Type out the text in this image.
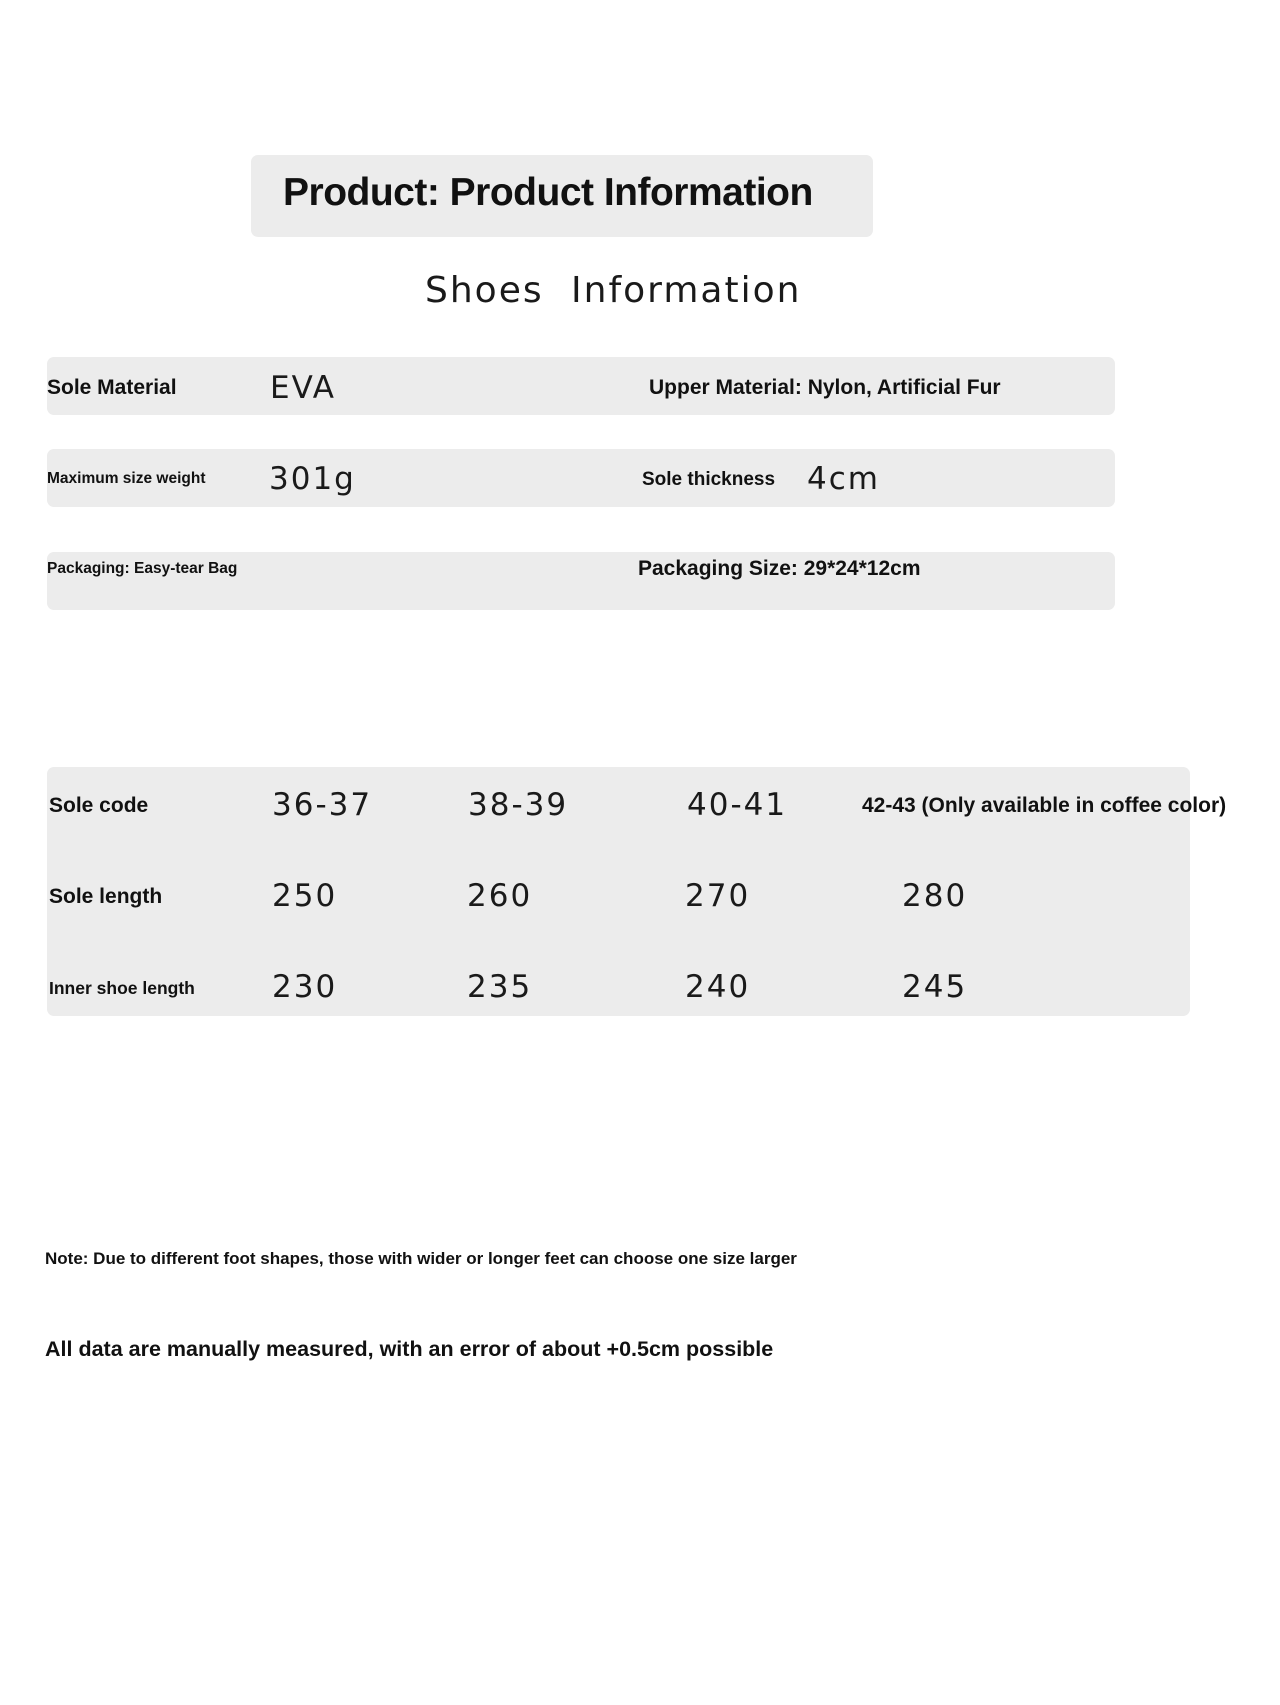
Product: Product Information
Shoes Information
Sole Material	EVA	Upper Material: Nylon, Artificial Fur
Maximum size weight 301g	Sole thickness 4cm
Packaging: Easy-tear Bag	Packaging Size: 29*24*12cm
Sole code	36-37	38-39	40-41	42-43 (Only available in coffee color)
Sole length	250	260	270	280
Inner shoe length 230	235	240	245
Note: Due to different foot shapes, those with wider or longer feet can choose one size larger
All data are manually measured, with an error of about +0.5cm possible
